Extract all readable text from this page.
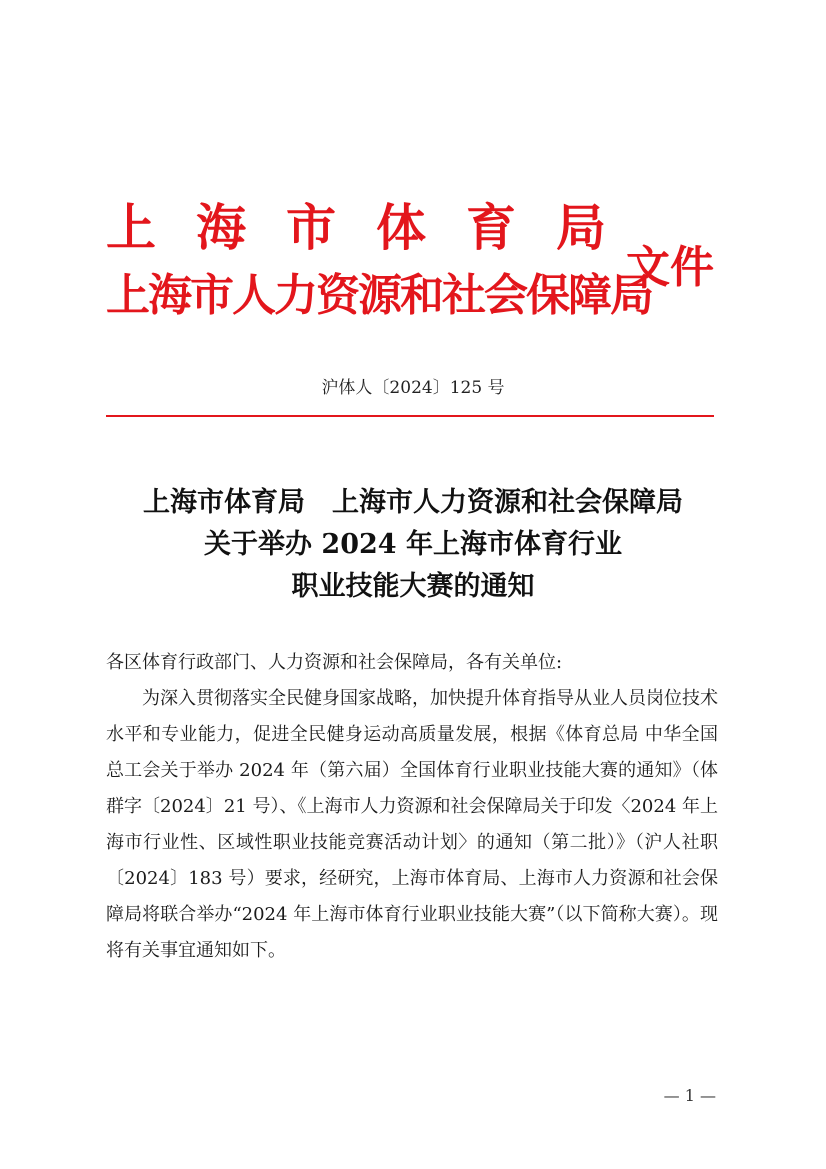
上 海 市 体 育 局
上海市人力资源和社会保障局
文件
沪体人〔2024〕125 号
上海市体育局　上海市人力资源和社会保障局
关于举办 2024 年上海市体育行业
职业技能大赛的通知
各区体育行政部门、人力资源和社会保障局，各有关单位:

为深入贯彻落实全民健身国家战略，加快提升体育指导从业人员岗位技术水平和专业能力，促进全民健身运动高质量发展，根据《体育总局 中华全国总工会关于举办 2024 年（第六届）全国体育行业职业技能大赛的通知》（体群字〔2024〕21 号）、《上海市人力资源和社会保障局关于印发〈2024 年上海市行业性、区域性职业技能竞赛活动计划〉的通知（第二批）》（沪人社职〔2024〕183 号）要求，经研究，上海市体育局、上海市人力资源和社会保障局将联合举办“2024 年上海市体育行业职业技能大赛”（以下简称大赛）。现将有关事宜通知如下。

— 1 —
